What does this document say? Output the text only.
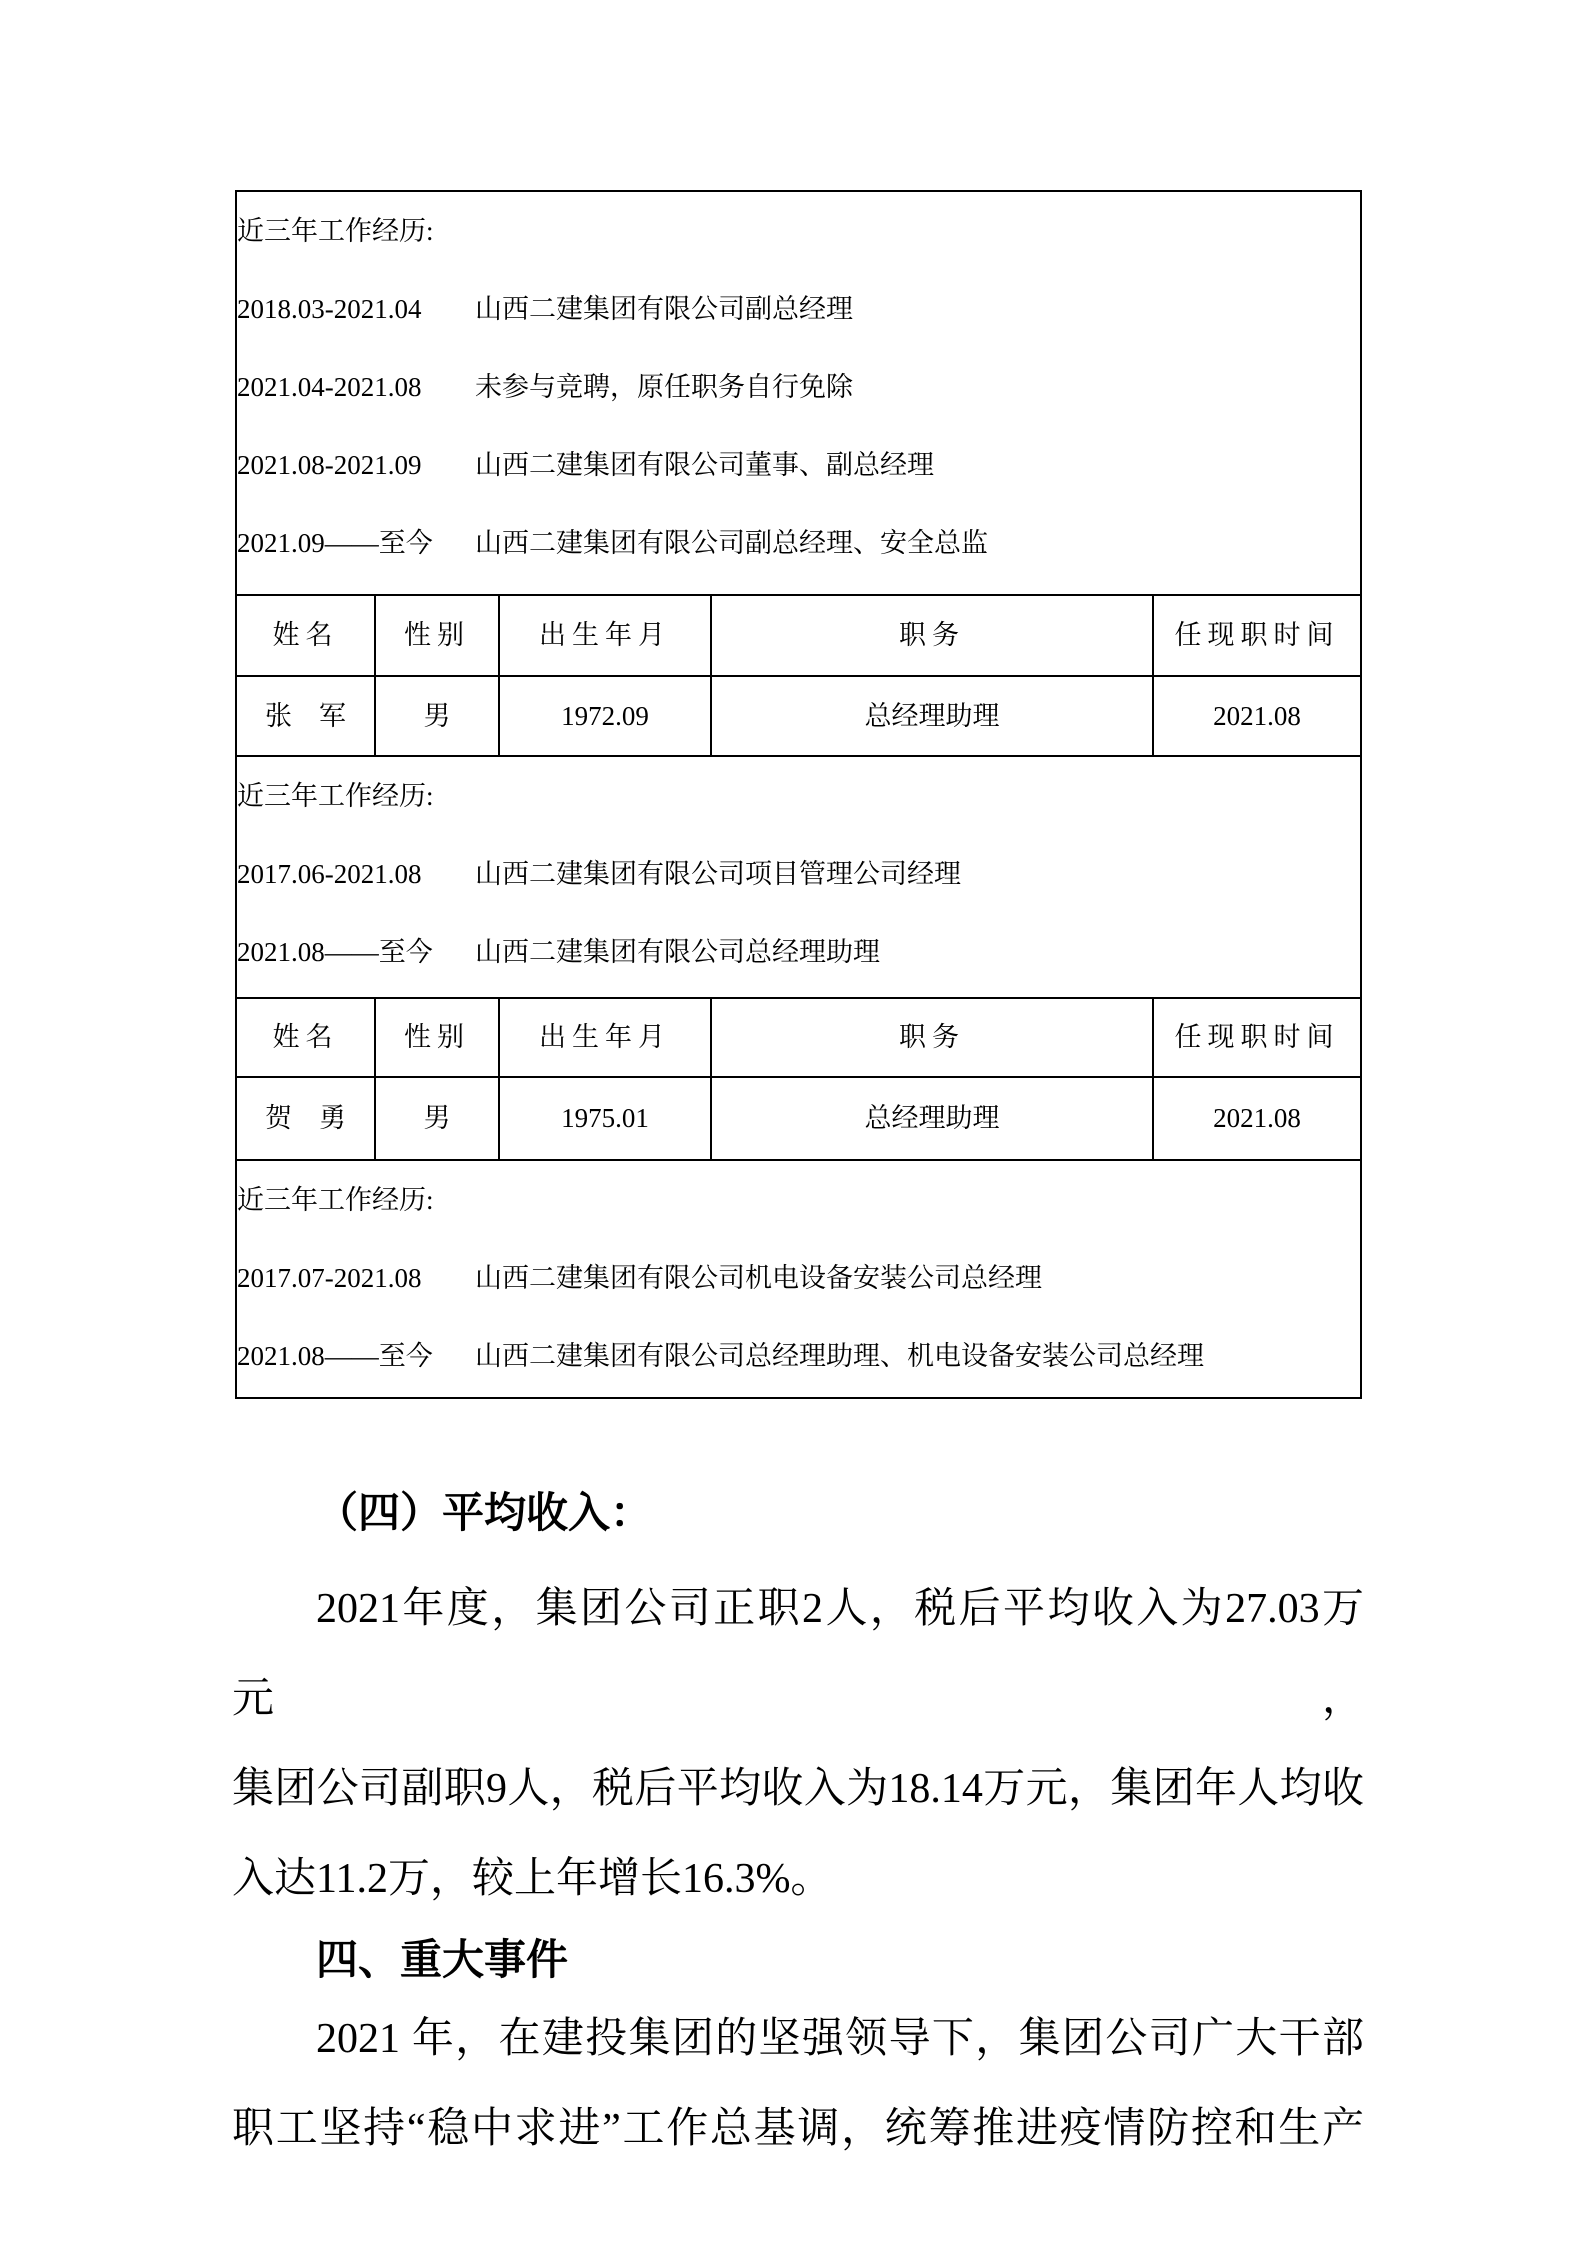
近三年工作经历:
2018.03-2021.04 山西二建集团有限公司副总经理
2021.04-2021.08 未参与竞聘，原任职务自行免除
2021.08-2021.09 山西二建集团有限公司董事、副总经理
2021.09——至今 山西二建集团有限公司副总经理、安全总监				

姓名	性别	出生年月	职务	任现职时间
张　军	男	1972.09	总经理助理	2021.08

近三年工作经历:
2017.06-2021.08 山西二建集团有限公司项目管理公司经理
2021.08——至今 山西二建集团有限公司总经理助理				

姓名	性别	出生年月	职务	任现职时间
贺　勇	男	1975.01	总经理助理	2021.08

近三年工作经历:
2017.07-2021.08 山西二建集团有限公司机电设备安装公司总经理
2021.08——至今 山西二建集团有限公司总经理助理、机电设备安装公司总经理				
（四）平均收入：
2021年度，集团公司正职2人，税后平均收入为27.03万元，
集团公司副职9人，税后平均收入为18.14万元，集团年人均收
入达11.2万，较上年增长16.3%。
四、重大事件
2021 年，在建投集团的坚强领导下，集团公司广大干部
职工坚持“稳中求进”工作总基调，统筹推进疫情防控和生产
